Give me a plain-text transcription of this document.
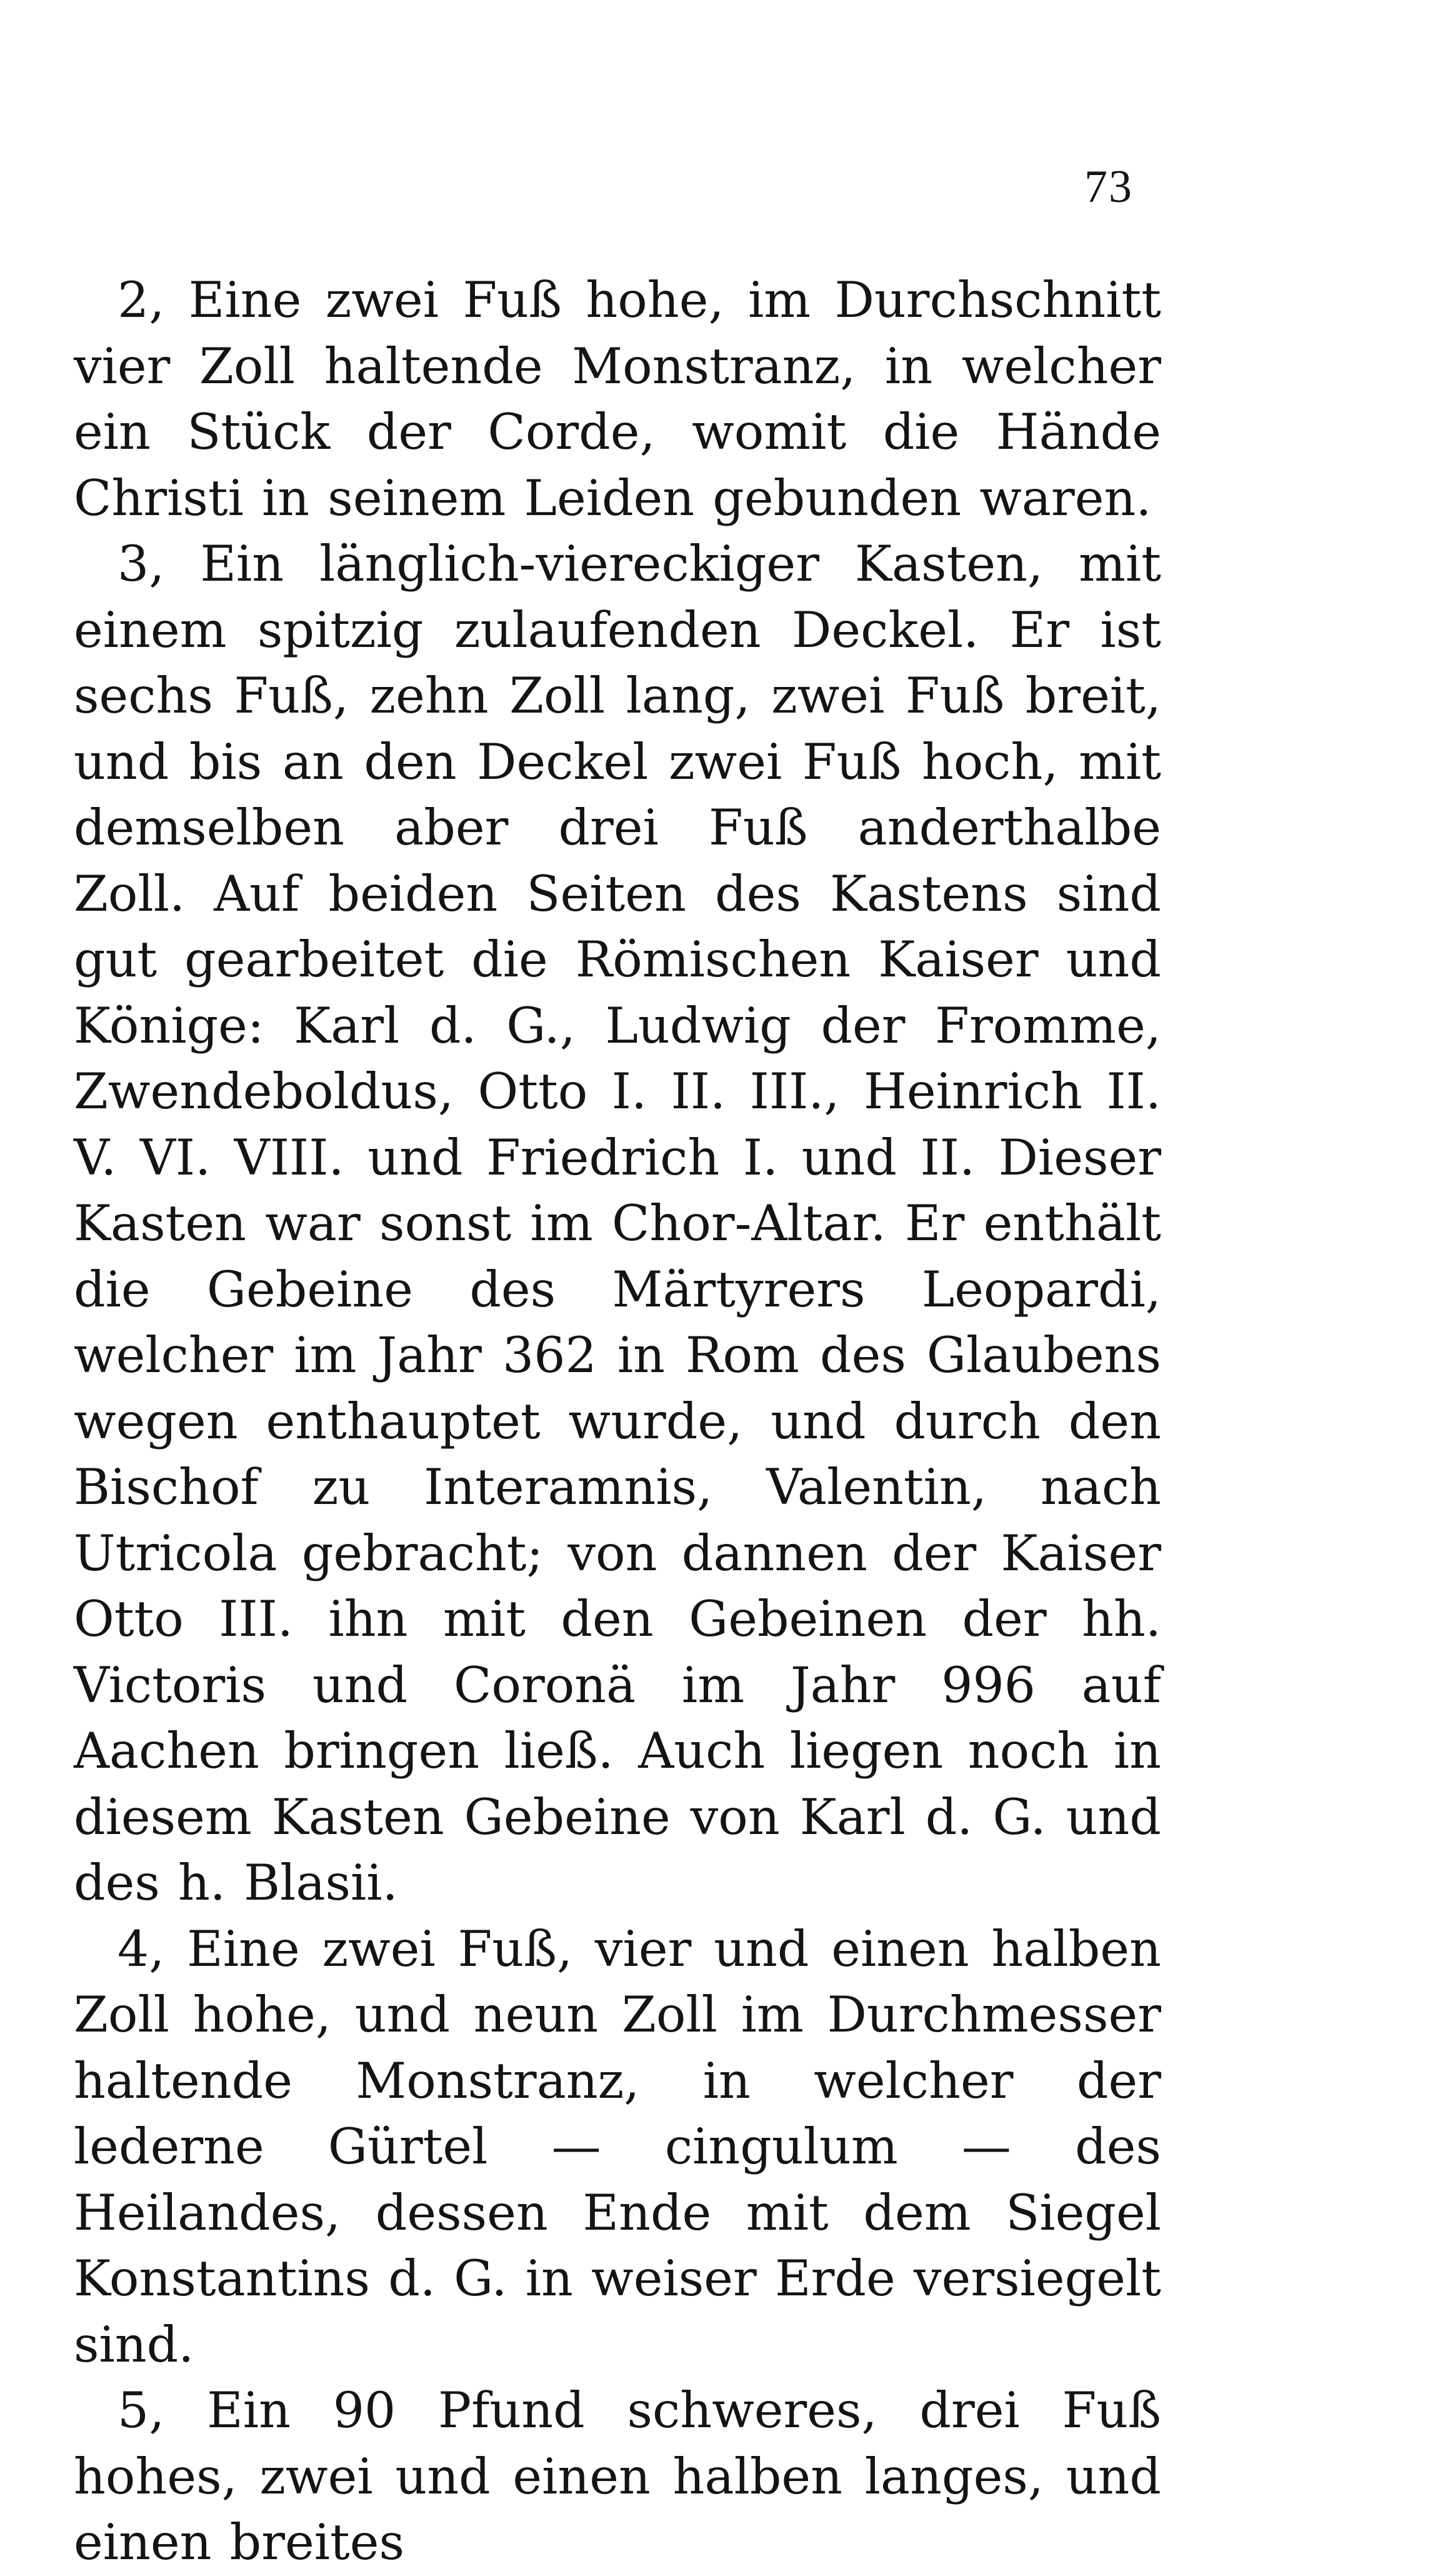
73

2, Eine zwei Fuß hohe, im Durchschnitt vier Zoll haltende Monstranz, in welcher ein Stück der Corde, womit die Hände Christi in seinem Leiden gebunden waren.

3, Ein länglich-viereckiger Kasten, mit einem spitzig zulaufenden Deckel. Er ist sechs Fuß, zehn Zoll lang, zwei Fuß breit, und bis an den Deckel zwei Fuß hoch, mit demselben aber drei Fuß anderthalbe Zoll. Auf beiden Seiten des Kastens sind gut gearbeitet die Römischen Kaiser und Könige: Karl d. G., Ludwig der Fromme, Zwendeboldus, Otto I. II. III., Heinrich II. V. VI. VIII. und Friedrich I. und II. Dieser Kasten war sonst im Chor-Altar. Er enthält die Gebeine des Märtyrers Leopardi, welcher im Jahr 362 in Rom des Glaubens wegen enthauptet wurde, und durch den Bischof zu Interamnis, Valentin, nach Utricola gebracht; von dannen der Kaiser Otto III. ihn mit den Gebeinen der hh. Victoris und Coronä im Jahr 996 auf Aachen bringen ließ. Auch liegen noch in diesem Kasten Gebeine von Karl d. G. und des h. Blasii.

4, Eine zwei Fuß, vier und einen halben Zoll hohe, und neun Zoll im Durchmesser haltende Monstranz, in welcher der lederne Gürtel — cingulum — des Heilandes, dessen Ende mit dem Siegel Konstantins d. G. in weiser Erde versiegelt sind.

5, Ein 90 Pfund schweres, drei Fuß hohes, zwei und einen halben langes, und einen breites
